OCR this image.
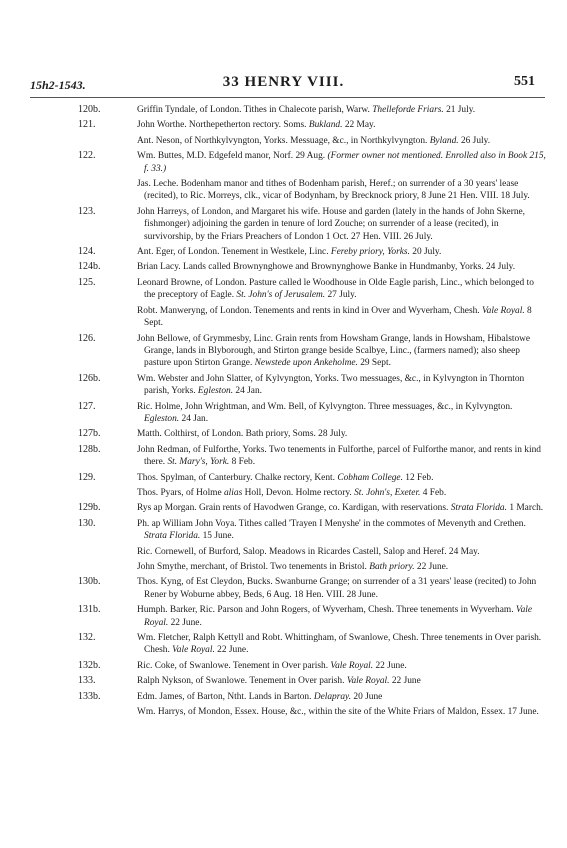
15h2-1543.	33 HENRY VIII.	551
120b.	Griffin Tyndale, of London. Tithes in Chalecote parish, Warw. Thelleforde Friars. 21 July.
121.	John Worthe. Northepetherton rectory. Soms. Bukland. 22 May.
Ant. Neson, of Northkylvyngton, Yorks. Messuage, &c., in Northkylvyngton. Byland. 26 July.
122.	Wm. Buttes, M.D. Edgefeld manor, Norf. 29 Aug. (Former owner not mentioned. Enrolled also in Book 215, f. 33.)
Jas. Leche. Bodenham manor and tithes of Bodenham parish, Heref.; on surrender of a 30 years' lease (recited), to Ric. Morreys, clk., vicar of Bodynham, by Brecknock priory, 8 June 21 Hen. VIII. 18 July.
123.	John Harreys, of London, and Margaret his wife. House and garden (lately in the hands of John Skerne, fishmonger) adjoining the garden in tenure of lord Zouche; on surrender of a lease (recited), in survivorship, by the Friars Preachers of London 1 Oct. 27 Hen. VIII. 26 July.
124.	Ant. Eger, of London. Tenement in Westkele, Linc. Fereby priory, Yorks. 20 July.
124b.	Brian Lacy. Lands called Brownynghowe and Brownynghowe Banke in Hundmanby, Yorks. 24 July.
125.	Leonard Browne, of London. Pasture called le Woodhouse in Olde Eagle parish, Linc., which belonged to the preceptory of Eagle. St. John's of Jerusalem. 27 July.
Robt. Manweryng, of London. Tenements and rents in kind in Over and Wyverham, Chesh. Vale Royal. 8 Sept.
126.	John Bellowe, of Grymmesby, Linc. Grain rents from Howsham Grange, lands in Howsham, Hibalstowe Grange, lands in Blyborough, and Stirton grange beside Scalbye, Linc., (farmers named); also sheep pasture upon Stirton Grange. Newstede upon Ankeholme. 29 Sept.
126b.	Wm. Webster and John Slatter, of Kylvyngton, Yorks. Two messuages, &c., in Kylvyngton in Thornton parish, Yorks. Egleston. 24 Jan.
127.	Ric. Holme, John Wrightman, and Wm. Bell, of Kylvyngton. Three messuages, &c., in Kylvyngton. Egleston. 24 Jan.
127b.	Matth. Colthirst, of London. Bath priory, Soms. 28 July.
128b.	John Redman, of Fulforthe, Yorks. Two tenements in Fulforthe, parcel of Fulforthe manor, and rents in kind there. St. Mary's, York. 8 Feb.
129.	Thos. Spylman, of Canterbury. Chalke rectory, Kent. Cobham College. 12 Feb.
Thos. Pyars, of Holme alias Holl, Devon. Holme rectory. St. John's, Exeter. 4 Feb.
129b.	Rys ap Morgan. Grain rents of Havodwen Grange, co. Kardigan, with reservations. Strata Florida. 1 March.
130.	Ph. ap William John Voya. Tithes called 'Trayen I Menyshe' in the commotes of Mevenyth and Crethen. Strata Florida. 15 June.
Ric. Cornewell, of Burford, Salop. Meadows in Ricardes Castell, Salop and Heref. 24 May.
John Smythe, merchant, of Bristol. Two tenements in Bristol. Bath priory. 22 June.
130b.	Thos. Kyng, of Est Cleydon, Bucks. Swanburne Grange; on surrender of a 31 years' lease (recited) to John Rener by Woburne abbey, Beds, 6 Aug. 18 Hen. VIII. 28 June.
131b.	Humph. Barker, Ric. Parson and John Rogers, of Wyverham, Chesh. Three tenements in Wyverham. Vale Royal. 22 June.
132.	Wm. Fletcher, Ralph Kettyll and Robt. Whittingham, of Swanlowe, Chesh. Three tenements in Over parish. Chesh. Vale Royal. 22 June.
132b.	Ric. Coke, of Swanlowe. Tenement in Over parish. Vale Royal. 22 June.
133.	Ralph Nykson, of Swanlowe. Tenement in Over parish. Vale Royal. 22 June
133b.	Edm. James, of Barton, Ntht. Lands in Barton. Delapray. 20 June
Wm. Harrys, of Mondon, Essex. House, &c., within the site of the White Friars of Maldon, Essex. 17 June.
